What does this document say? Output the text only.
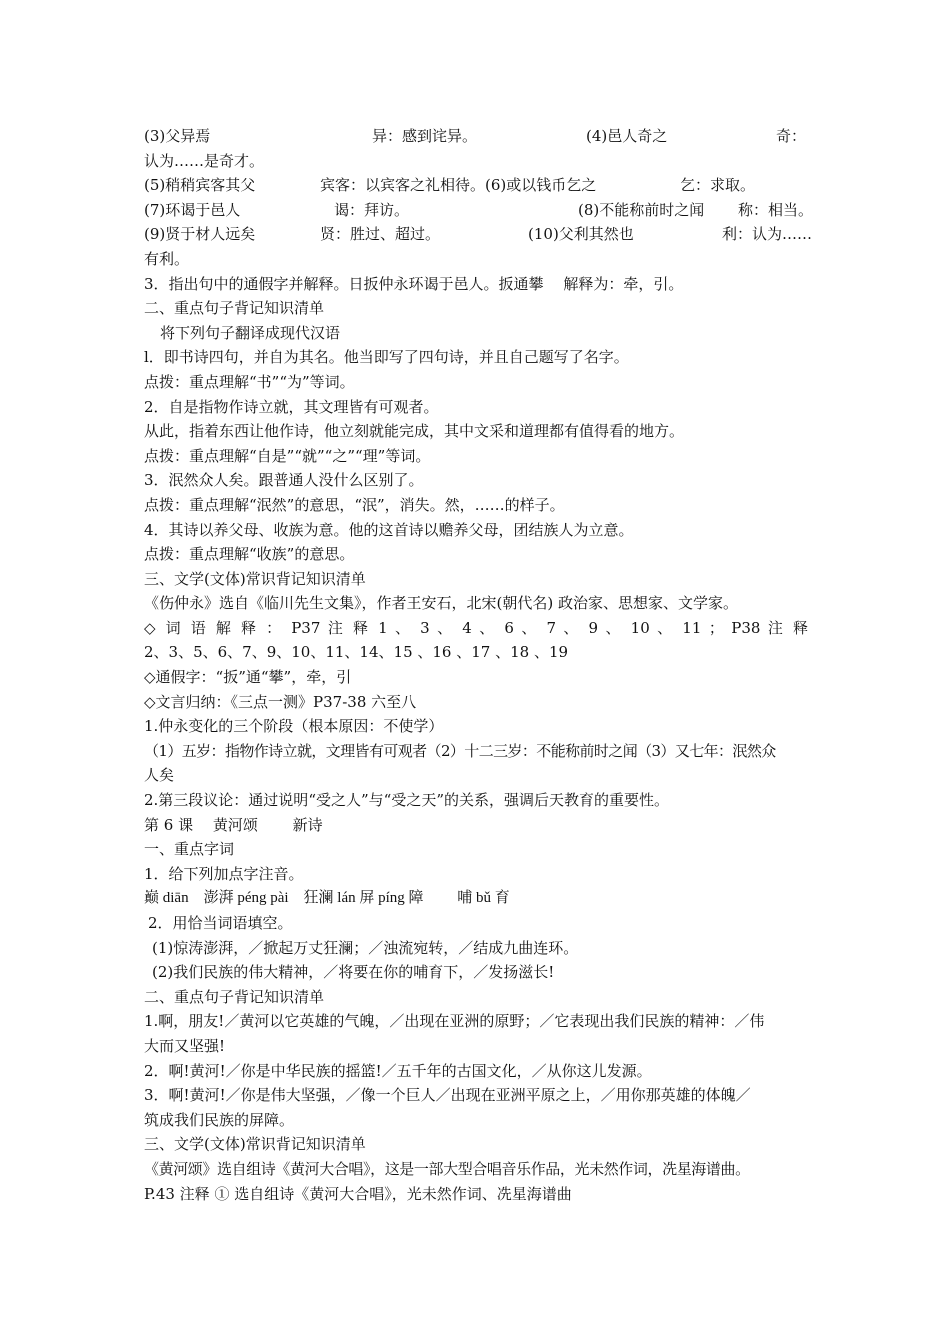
(3)父异焉	异：感到诧异。	(4)邑人奇之	奇：
认为……是奇才。
(5)稍稍宾客其父	宾客：以宾客之礼相待。(6)或以钱币乞之	乞：求取。
(7)环谒于邑人	谒：拜访。	(8)不能称前时之闻 称：相当。
(9)贤于材人远矣	贤：胜过、超过。	(10)父利其然也	利：认为……
有利。
3．指出句中的通假字并解释。日扳仲永环谒于邑人。扳通攀　 解释为：牵，引。
二、重点句子背记知识清单
将下列句子翻译成现代汉语
l．即书诗四句，并自为其名。他当即写了四句诗，并且自己题写了名字。
点拨：重点理解“书”“为”等词。
2．自是指物作诗立就，其文理皆有可观者。
从此，指着东西让他作诗，他立刻就能完成，其中文采和道理都有值得看的地方。
点拨：重点理解“自是”“就”“之”“理”等词。
3．泯然众人矣。跟普通人没什么区别了。
点拨：重点理解“泯然”的意思，“泯”，消失。然，……的样子。
4．其诗以养父母、收族为意。他的这首诗以赡养父母，团结族人为立意。
点拨：重点理解“收族”的意思。
三、文学(文体)常识背记知识清单
《伤仲永》选自《临川先生文集》，作者王安石，北宋(朝代名) 政治家、思想家、文学家。
◇ 词 语 解 释 ： P37 注 释 1 、 3 、 4 、 6 、 7 、 9 、 10 、 11 ； P38 注 释
2、3、5、6、7、9、10、11、14、15 、16 、17 、18 、19
◇通假字：“扳”通“攀”，牵，引
◇文言归纳：《三点一测》P37-38 六至八
1.仲永变化的三个阶段（根本原因：不使学）
（1）五岁：指物作诗立就，文理皆有可观者（2）十二三岁：不能称前时之闻（3）又七年：泯然众
人矣
2.第三段议论：通过说明“受之人”与“受之天”的关系，强调后天教育的重要性。
第 6 课　 黄河颂　　 新诗
一、重点字词
1．给下列加点字注音。
巅 diān　澎湃 péng pài　狂澜 lán 屏 píng 障　　 哺 bǔ 育
2．用恰当词语填空。
(1)惊涛澎湃，／掀起万丈狂澜；／浊流宛转，／结成九曲连环。
(2)我们民族的伟大精神，／将要在你的哺育下，／发扬滋长!
二、重点句子背记知识清单
1.啊，朋友!／黄河以它英雄的气魄，／出现在亚洲的原野；／它表现出我们民族的精神：／伟
大而又坚强!
2．啊!黄河!／你是中华民族的摇篮!／五千年的古国文化，／从你这儿发源。
3．啊!黄河!／你是伟大坚强，／像一个巨人／出现在亚洲平原之上，／用你那英雄的体魄／
筑成我们民族的屏障。
三、文学(文体)常识背记知识清单
《黄河颂》选自组诗《黄河大合唱》，这是一部大型合唱音乐作品，光未然作词，冼星海谱曲。
P.43 注释 ① 选自组诗《黄河大合唱》，光未然作词、冼星海谱曲
